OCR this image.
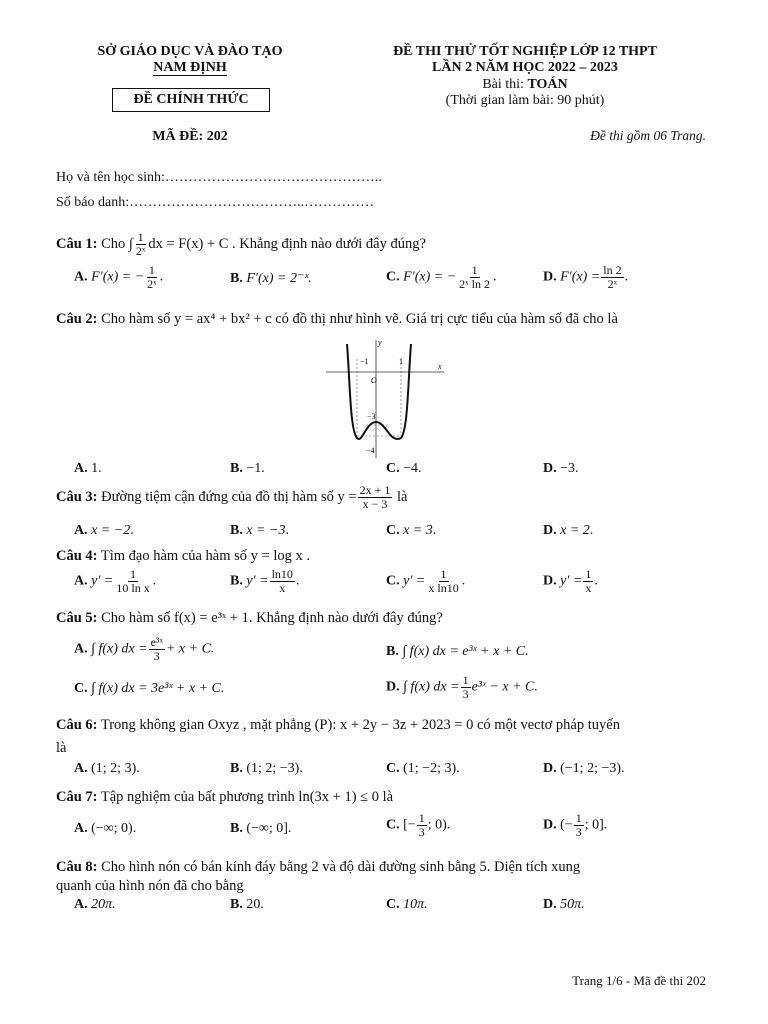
SỞ GIÁO DỤC VÀ ĐÀO TẠO
NAM ĐỊNH
ĐỀ CHÍNH THỨC
MÃ ĐỀ: 202
ĐỀ THI THỬ TỐT NGHIỆP LỚP 12 THPT
LẦN 2 NĂM HỌC 2022 – 2023
Bài thi: TOÁN
(Thời gian làm bài: 90 phút)
Đề thi gồm 06 Trang.
Họ và tên học sinh:………………………………………..
Số báo danh:………………………………..……………
Câu 1: Cho ∫ $\frac{1}{\text{2ˣ}}$ dx = F(x) + C . Khẳng định nào dưới đây đúng?
A. F′(x) = − $\frac{1}{\text{2ˣ}}$ .	B. F′(x) = 2⁻ˣ.	C. F′(x) = − $\frac{1}{\text{2ˣ ln 2}}$ .	D. $F'(x) = \frac{\ln 2}{\text{2ˣ}}$ .
Câu 2: Cho hàm số y = ax⁴ + bx² + c có đồ thị như hình vẽ. Giá trị cực tiểu của hàm số đã cho là
y
x
O
−1	1
−3
−4
A. 1.	B. −1.	C. −4.	D. −3.
Câu 3: Đường tiệm cận đứng của đồ thị hàm số $y = \frac{2x + 1}{x - 3}$ là
A. x = −2.	B. x = −3.	C. x = 3.	D. x = 2.
Câu 4: Tìm đạo hàm của hàm số y = log x .
A. $y' = \frac{1}{\text{10 ln x}}$ .	B. $y' = \frac{\ln 10}{x}$ .	C. $y' = \frac{1}{\text{x ln10}}$ .	D. $y' = \frac{1}{x}$ .
Câu 5: Cho hàm số f(x) = e³ˣ + 1. Khẳng định nào dưới đây đúng?
A. ∫ f(x) dx = $\frac{\text{e³ˣ}}{3} + x + C$.	B. ∫ f(x) dx = e³ˣ + x + C.
C. ∫ f(x) dx = 3e³ˣ + x + C.	D. ∫ f(x) dx = $\frac{1}{3}$ e³ˣ − x + C.
Câu 6: Trong không gian Oxyz , mặt phẳng (P): x + 2y − 3z + 2023 = 0 có một vectơ pháp tuyến
là
A. (1; 2; 3).	B. (1; 2; −3).	C. (1; −2; 3).	D. (−1; 2; −3).
Câu 7: Tập nghiệm của bất phương trình ln(3x + 1) ≤ 0 là
A. (−∞; 0).	B. (−∞; 0].	C. [− $\frac{1}{3}$ ; 0).	D. (− $\frac{1}{3}$ ; 0].
Câu 8: Cho hình nón có bán kính đáy bằng 2 và độ dài đường sinh bằng 5. Diện tích xung
quanh của hình nón đã cho bằng
A. 20π.	B. 20.	C. 10π.	D. 50π.
Trang 1/6 - Mã đề thi 202
